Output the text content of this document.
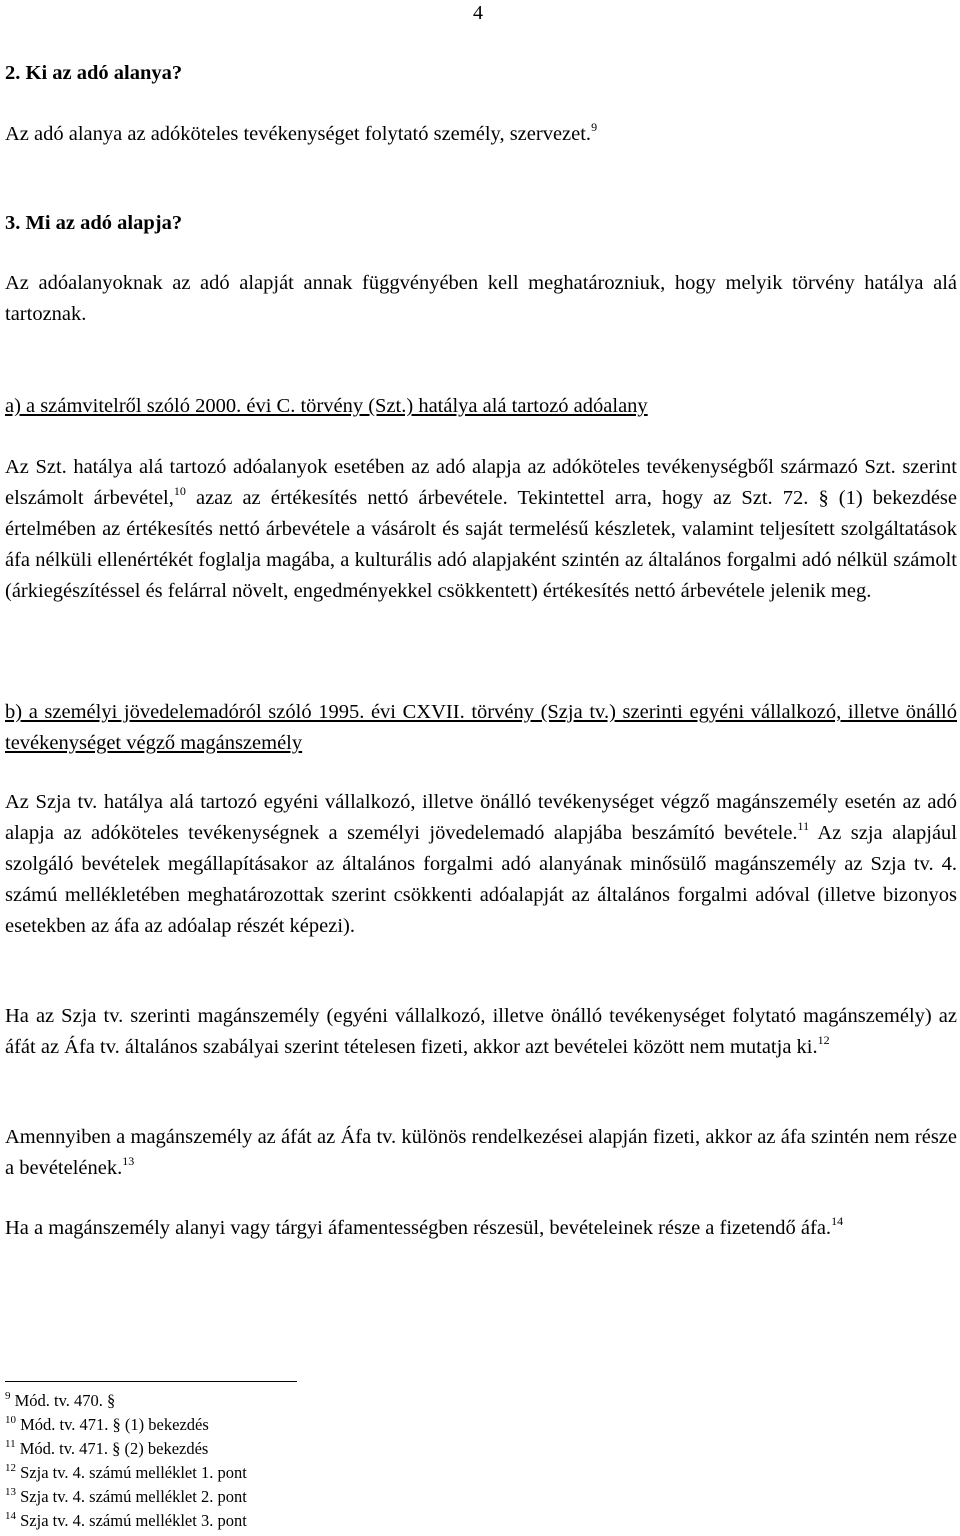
4

2. Ki az adó alanya?

Az adó alanya az adóköteles tevékenységet folytató személy, szervezet.$^9$

3. Mi az adó alapja?

Az adóalanyoknak az adó alapját annak függvényében kell meghatározniuk, hogy melyik törvény hatálya alá tartoznak.

a) a számvitelről szóló 2000. évi C. törvény (Szt.) hatálya alá tartozó adóalany

Az Szt. hatálya alá tartozó adóalanyok esetében az adó alapja az adóköteles tevékenységből származó Szt. szerint elszámolt árbevétel,$^{10}$ azaz az értékesítés nettó árbevétele. Tekintettel arra, hogy az Szt. 72. § (1) bekezdése értelmében az értékesítés nettó árbevétele a vásárolt és saját termelésű készletek, valamint teljesített szolgáltatások áfa nélküli ellenértékét foglalja magába, a kulturális adó alapjaként szintén az általános forgalmi adó nélkül számolt (árkiegészítéssel és felárral növelt, engedményekkel csökkentett) értékesítés nettó árbevétele jelenik meg.

b) a személyi jövedelemadóról szóló 1995. évi CXVII. törvény (Szja tv.) szerinti egyéni vállalkozó, illetve önálló tevékenységet végző magánszemély

Az Szja tv. hatálya alá tartozó egyéni vállalkozó, illetve önálló tevékenységet végző magánszemély esetén az adó alapja az adóköteles tevékenységnek a személyi jövedelemadó alapjába beszámító bevétele.$^{11}$ Az szja alapjául szolgáló bevételek megállapításakor az általános forgalmi adó alanyának minősülő magánszemély az Szja tv. 4. számú mellékletében meghatározottak szerint csökkenti adóalapját az általános forgalmi adóval (illetve bizonyos esetekben az áfa az adóalap részét képezi).

Ha az Szja tv. szerinti magánszemély (egyéni vállalkozó, illetve önálló tevékenységet folytató magánszemély) az áfát az Áfa tv. általános szabályai szerint tételesen fizeti, akkor azt bevételei között nem mutatja ki.$^{12}$

Amennyiben a magánszemély az áfát az Áfa tv. különös rendelkezései alapján fizeti, akkor az áfa szintén nem része a bevételének.$^{13}$

Ha a magánszemély alanyi vagy tárgyi áfamentességben részesül, bevételeinek része a fizetendő áfa.$^{14}$

$^9$ Mód. tv. 470. §
$^{10}$ Mód. tv. 471. § (1) bekezdés
$^{11}$ Mód. tv. 471. § (2) bekezdés
$^{12}$ Szja tv. 4. számú melléklet 1. pont
$^{13}$ Szja tv. 4. számú melléklet 2. pont
$^{14}$ Szja tv. 4. számú melléklet 3. pont
